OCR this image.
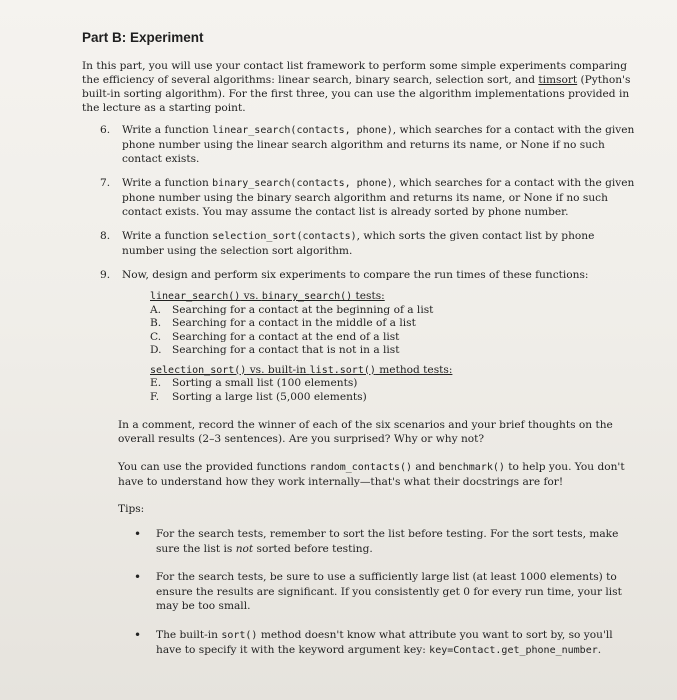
Part B: Experiment

In this part, you will use your contact list framework to perform some simple experiments comparing the efficiency of several algorithms: linear search, binary search, selection sort, and timsort (Python's built-in sorting algorithm). For the first three, you can use the algorithm implementations provided in the lecture as a starting point.

6. Write a function linear_search(contacts, phone), which searches for a contact with the given phone number using the linear search algorithm and returns its name, or None if no such contact exists.
7. Write a function binary_search(contacts, phone), which searches for a contact with the given phone number using the binary search algorithm and returns its name, or None if no such contact exists. You may assume the contact list is already sorted by phone number.
8. Write a function selection_sort(contacts), which sorts the given contact list by phone number using the selection sort algorithm.
9. Now, design and perform six experiments to compare the run times of these functions:
linear_search() vs. binary_search() tests:
A. Searching for a contact at the beginning of a list
B. Searching for a contact in the middle of a list
C. Searching for a contact at the end of a list
D. Searching for a contact that is not in a list
selection_sort() vs. built-in list.sort() method tests:
E. Sorting a small list (100 elements)
F. Sorting a large list (5,000 elements)

In a comment, record the winner of each of the six scenarios and your brief thoughts on the overall results (2–3 sentences). Are you surprised? Why or why not?

You can use the provided functions random_contacts() and benchmark() to help you. You don't have to understand how they work internally—that's what their docstrings are for!

Tips:
• For the search tests, remember to sort the list before testing. For the sort tests, make sure the list is not sorted before testing.
• For the search tests, be sure to use a sufficiently large list (at least 1000 elements) to ensure the results are significant. If you consistently get 0 for every run time, your list may be too small.
• The built-in sort() method doesn't know what attribute you want to sort by, so you'll have to specify it with the keyword argument key: key=Contact.get_phone_number.
